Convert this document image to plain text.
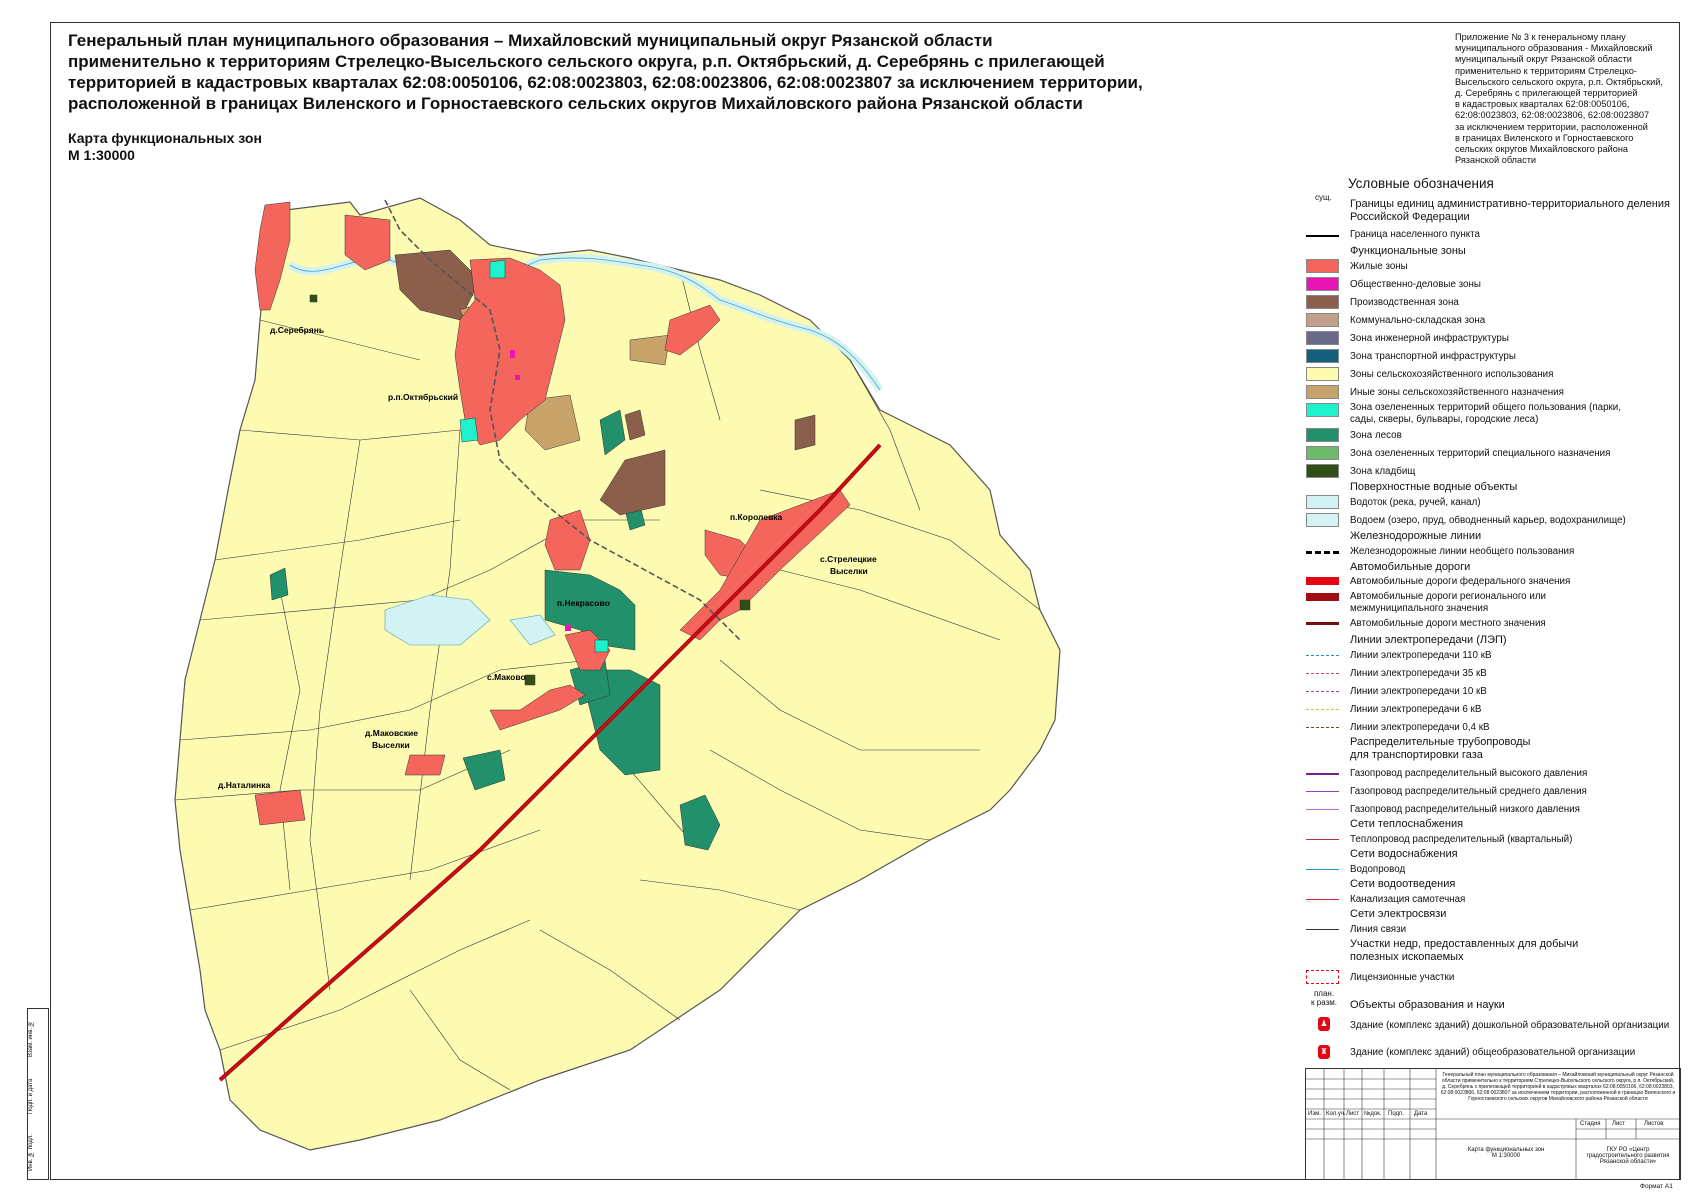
Генеральный план муниципального образования – Михайловский муниципальный округ Рязанской области
применительно к территориям Стрелецко-Высельского сельского округа, р.п. Октябрьский, д. Серебрянь с прилегающей
территорией в кадастровых кварталах 62:08:0050106, 62:08:0023803, 62:08:0023806, 62:08:0023807 за исключением территории,
расположенной в границах Виленского и Горностаевского сельских округов Михайловского района Рязанской области
Карта функциональных зон
М 1:30000
Приложение № 3 к генеральному плану
муниципального образования - Михайловский
муниципальный округ Рязанской области
применительно к территориям Стрелецко-
Высельского сельского округа, р.п. Октябрьский,
д. Серебрянь с прилегающей территорией
в кадастровых кварталах 62:08:0050106,
62:08:0023803, 62:08:0023806, 62:08:0023807
за исключением территории, расположенной
в границах Виленского и Горностаевского
сельских округов Михайловского района
Рязанской области
д.Серебрянь
р.п.Октябрьский
п.Королевка
с.Стрелецкие
Выселки
п.Некрасово
с.Маково
д.Маковские
Выселки
д.Наталинка
сущ.
Условные обозначения
Границы единиц административно-территориального деления Российской Федерации
Граница населенного пункта
Функциональные зоны
Жилые зоны
Общественно-деловые зоны
Производственная зона
Коммунально-складская зона
Зона инженерной инфраструктуры
Зона транспортной инфраструктуры
Зоны сельскохозяйственного использования
Иные зоны сельскохозяйственного назначения
Зона озелененных территорий общего пользования (парки, сады, скверы, бульвары, городские леса)
Зона лесов
Зона озелененных территорий специального назначения
Зона кладбищ
Поверхностные водные объекты
Водоток (река, ручей, канал)
Водоем (озеро, пруд, обводненный карьер, водохранилище)
Железнодорожные линии
Железнодорожные линии необщего пользования
Автомобильные дороги
Автомобильные дороги федерального значения
Автомобильные дороги регионального или межмуниципального значения
Автомобильные дороги местного значения
Линии электропередачи (ЛЭП)
Линии электропередачи 110 кВ
Линии электропередачи 35 кВ
Линии электропередачи 10 кВ
Линии электропередачи 6 кВ
Линии электропередачи 0,4 кВ
Распределительные трубопроводы для транспортировки газа
Газопровод распределительный высокого давления
Газопровод распределительный среднего давления
Газопровод распределительный низкого давления
Сети теплоснабжения
Теплопровод распределительный (квартальный)
Сети водоснабжения
Водопровод
Сети водоотведения
Канализация самотечная
Сети электросвязи
Линия связи
Участки недр, предоставленных для добычи полезных ископаемых
Лицензионные участки
план.
к разм. Объекты образования и науки
♟ Здание (комплекс зданий) дошкольной образовательной организации
♜ Здание (комплекс зданий) общеобразовательной организации
Изм. Кол.уч. Лист №док. Подп. Дата
Генеральный план муниципального образования – Михайловский муниципальный округ Рязанской области применительно к территориям Стрелецко-Высельского сельского округа, р.п. Октябрьский, д. Серебрянь с прилегающей территорией в кадастровых кварталах 62:08:0050106, 62:08:0023803, 62:08:0023806, 62:08:0023807 за исключением территории, расположенной в границах Виленского и Горностаевского сельских округов Михайловского района Рязанской области
Стадия Лист	Листов
Карта функциональных зон
М 1:30000
ГКУ РО «Центр градостроительного развития Рязанской области»
Формат А1
Взам. инв. №
Подп. и дата
Инв. № подл.
